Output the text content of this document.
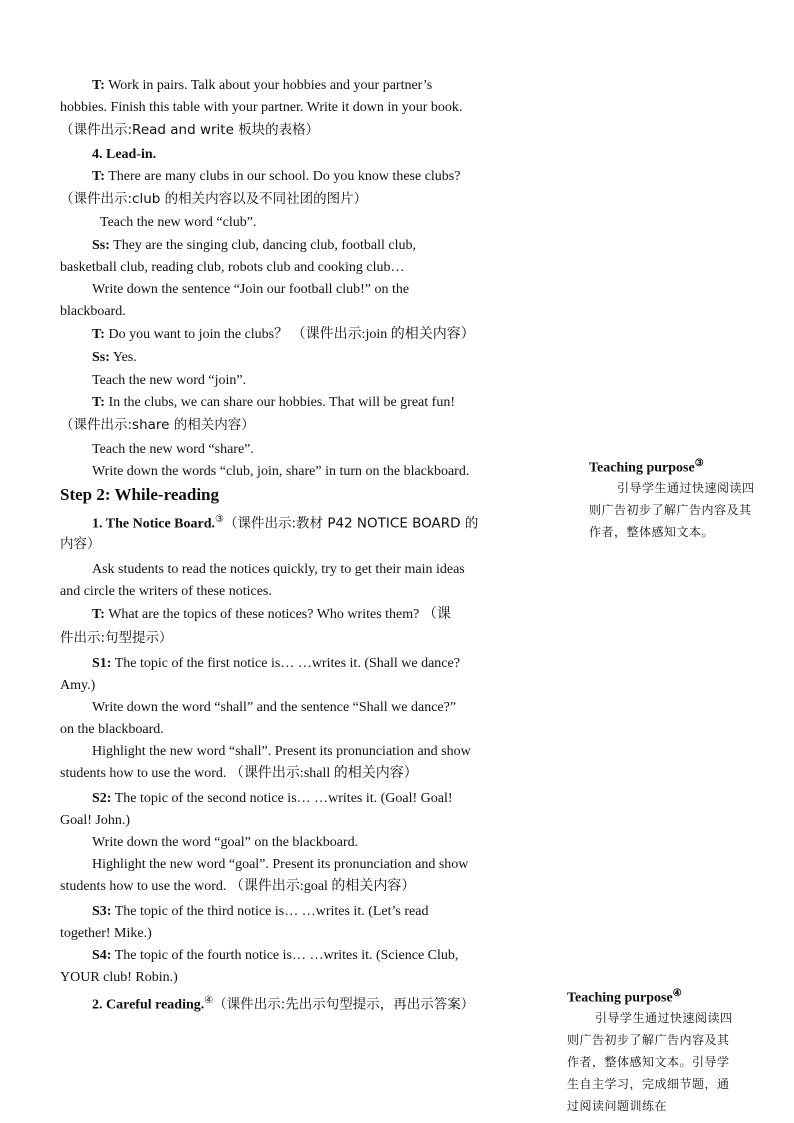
T: Work in pairs. Talk about your hobbies and your partner’s
hobbies. Finish this table with your partner. Write it down in your book.
（课件出示:Read and write 板块的表格）
4. Lead-in.
T: There are many clubs in our school. Do you know these clubs?
（课件出示:club 的相关内容以及不同社团的图片）
Teach the new word “club”.
Ss: They are the singing club, dancing club, football club,
basketball club, reading club, robots club and cooking club…
Write down the sentence “Join our football club!” on the
blackboard.
T: Do you want to join the clubs？ （课件出示:join 的相关内容）
Ss: Yes.
Teach the new word “join”.
T: In the clubs, we can share our hobbies. That will be great fun!
（课件出示:share 的相关内容）
Teach the new word “share”.
Write down the words “club, join, share” in turn on the blackboard.
Step 2: While-reading
1. The Notice Board.③（课件出示:教材 P42 NOTICE BOARD 的
内容）
Ask students to read the notices quickly, try to get their main ideas
and circle the writers of these notices.
T: What are the topics of these notices? Who writes them? （课
件出示:句型提示）
S1: The topic of the first notice is… …writes it. (Shall we dance?
Amy.)
Write down the word “shall” and the sentence “Shall we dance?”
on the blackboard.
Highlight the new word “shall”. Present its pronunciation and show
students how to use the word. （课件出示:shall 的相关内容）
S2: The topic of the second notice is… …writes it. (Goal! Goal!
Goal! John.)
Write down the word “goal” on the blackboard.
Highlight the new word “goal”. Present its pronunciation and show
students how to use the word. （课件出示:goal 的相关内容）
S3: The topic of the third notice is… …writes it. (Let’s read
together! Mike.)
S4: The topic of the fourth notice is… …writes it. (Science Club,
YOUR club! Robin.)
2. Careful reading.④（课件出示:先出示句型提示，再出示答案）
Teaching purpose③
引导学生通过快速阅读四则广告初步了解广告内容及其作者，整体感知文本。
Teaching purpose④
引导学生通过快速阅读四则广告初步了解广告内容及其作者，整体感知文本。引导学生自主学习，完成细节题，通过阅读问题训练在
